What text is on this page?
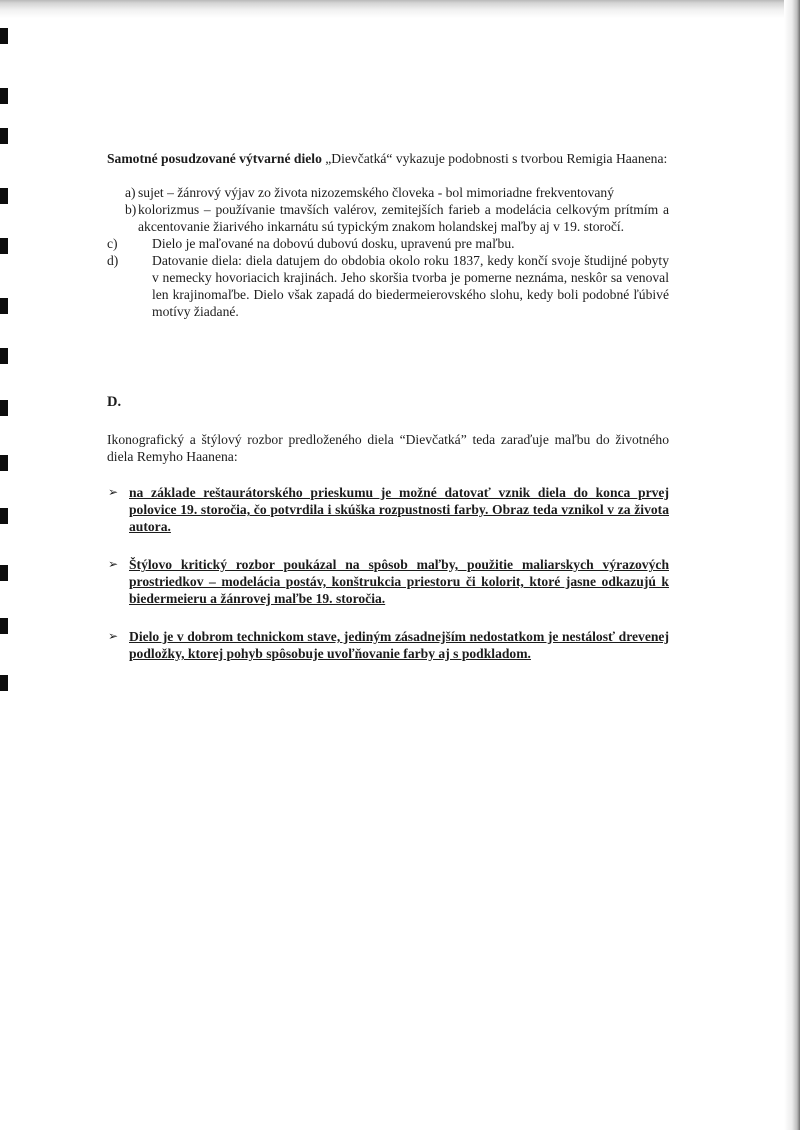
Samotné posudzované výtvarné dielo „Dievčatká“ vykazuje podobnosti s tvorbou Remigia Haanena:

a) sujet – žánrový výjav zo života nizozemského človeka - bol mimoriadne frekventovaný
b) kolorizmus – používanie tmavších valérov, zemitejších farieb a modelácia celkovým prítmím a akcentovanie žiarivého inkarnátu sú typickým znakom holandskej maľby aj v 19. storočí.
c)	Dielo je maľované na dobovú dubovú dosku, upravenú pre maľbu.
d) Datovanie diela: diela datujem do obdobia okolo roku 1837, kedy končí svoje študijné pobyty v nemecky hovoriacich krajinách. Jeho skoršia tvorba je pomerne neznáma, neskôr sa venoval len krajinomaľbe. Dielo však zapadá do biedermeierovského slohu, kedy boli podobné ľúbivé motívy žiadané.
D.

Ikonografický a štýlový rozbor predloženého diela “Dievčatká” teda zaraďuje maľbu do životného diela Remyho Haanena:

➢ na základe reštaurátorského prieskumu je možné datovať vznik diela do konca prvej polovice 19. storočia, čo potvrdila i skúška rozpustnosti farby. Obraz teda vznikol v za života autora.
➢ Štýlovo kritický rozbor poukázal na spôsob maľby, použitie maliarskych výrazových prostriedkov – modelácia postáv, konštrukcia priestoru či kolorit, ktoré jasne odkazujú k biedermeieru a žánrovej maľbe 19. storočia.
➢ Dielo je v dobrom technickom stave, jediným zásadnejším nedostatkom je nestálosť drevenej podložky, ktorej pohyb spôsobuje uvoľňovanie farby aj s podkladom.
